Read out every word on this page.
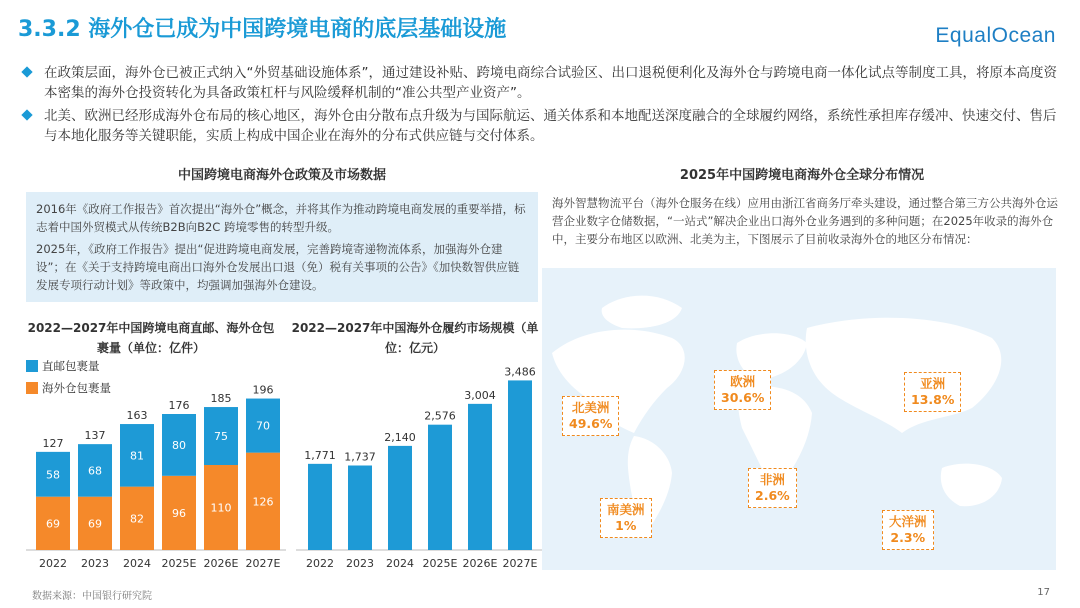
3.3.2 海外仓已成为中国跨境电商的底层基础设施	EqualOcean
在政策层面，海外仓已被正式纳入“外贸基础设施体系”，通过建设补贴、跨境电商综合试验区、出口退税便利化及海外仓与跨境电商一体化试点等制度工具，将原本高度资本密集的海外仓投资转化为具备政策杠杆与风险缓释机制的“准公共型产业资产”。
北美、欧洲已经形成海外仓布局的核心地区，海外仓由分散布点升级为与国际航运、通关体系和本地配送深度融合的全球履约网络，系统性承担库存缓冲、快速交付、售后与本地化服务等关键职能，实质上构成中国企业在海外的分布式供应链与交付体系。
中国跨境电商海外仓政策及市场数据

2016年《政府工作报告》首次提出“海外仓”概念，并将其作为推动跨境电商发展的重要举措，标志着中国外贸模式从传统B2B向B2C 跨境零售的转型升级。

2025年，《政府工作报告》提出“促进跨境电商发展，完善跨境寄递物流体系，加强海外仓建设”；在《关于支持跨境电商出口海外仓发展出口退（免）税有关事项的公告》《加快数智供应链发展专项行动计划》等政策中，均强调加强海外仓建设。

2022—2027年中国跨境电商直邮、海外仓包裹量（单位：亿件）
2022—2027年中国海外仓履约市场规模（单位：亿元）
直邮包裹量
海外仓包裹量
69
58
127
2022
69
68
137
2023
82
81
163
2024
96
80
176
2025E
110
75
185
2026E
126
70
196
2027E
1,771
2022
1,737
2023
2,140
2024
2,576
2025E
3,004
2026E
3,486
2027E
2025年中国跨境电商海外仓全球分布情况
海外智慧物流平台（海外仓服务在线）应用由浙江省商务厅牵头建设，通过整合第三方公共海外仓运营企业数字仓储数据，“一站式”解决企业出口海外仓业务遇到的多种问题；在2025年收录的海外仓中，主要分布地区以欧洲、北美为主，下图展示了目前收录海外仓的地区分布情况：
北美洲
49.6%
欧洲
30.6%
亚洲
13.8%
非洲
2.6%
南美洲
1%	大洋洲
2.3%
数据来源：中国银行研究院	17
